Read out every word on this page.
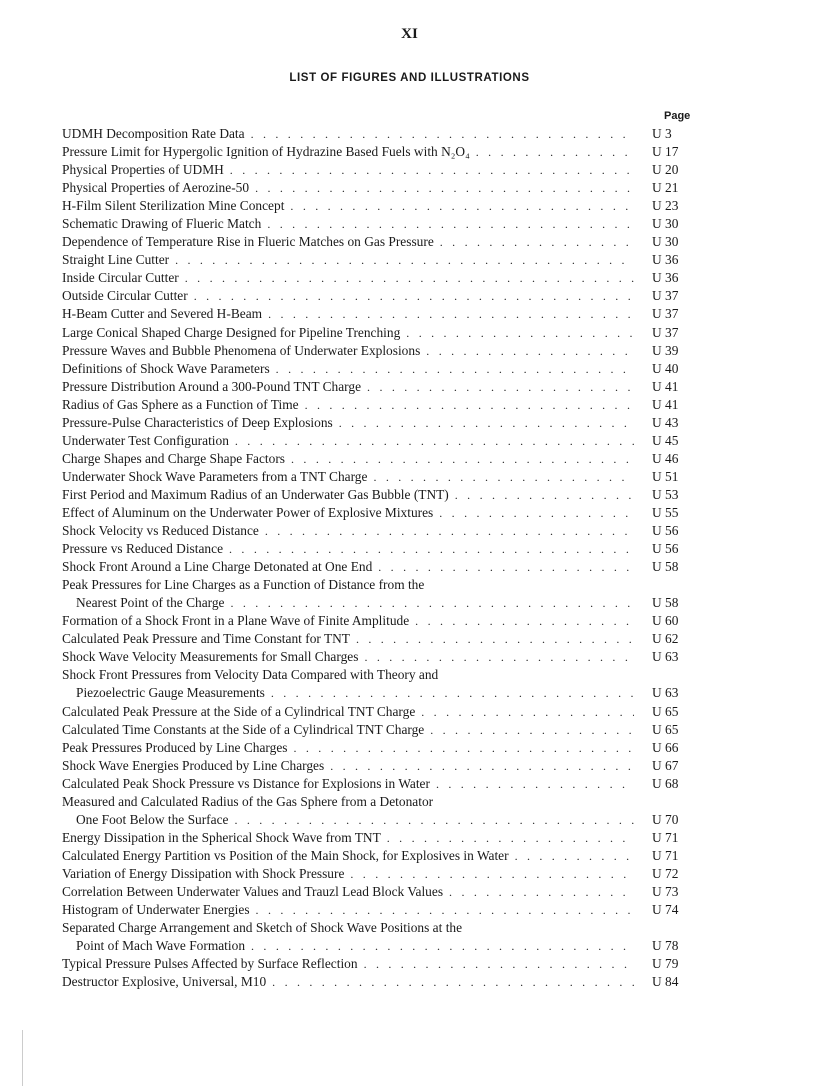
XI
LIST OF FIGURES AND ILLUSTRATIONS
Page
UDMH Decomposition Rate Data . . .	U 3
Pressure Limit for Hypergolic Ignition of Hydrazine Based Fuels with N₂O₄ . . .	U 17
Physical Properties of UDMH . . .	U 20
Physical Properties of Aerozine-50 . . .	U 21
H-Film Silent Sterilization Mine Concept . . .	U 23
Schematic Drawing of Flueric Match . . .	U 30
Dependence of Temperature Rise in Flueric Matches on Gas Pressure . . .	U 30
Straight Line Cutter . . .	U 36
Inside Circular Cutter . . .	U 36
Outside Circular Cutter . . .	U 37
H-Beam Cutter and Severed H-Beam . . .	U 37
Large Conical Shaped Charge Designed for Pipeline Trenching . . .	U 37
Pressure Waves and Bubble Phenomena of Underwater Explosions . . .	U 39
Definitions of Shock Wave Parameters . . .	U 40
Pressure Distribution Around a 300-Pound TNT Charge . . .	U 41
Radius of Gas Sphere as a Function of Time . . .	U 41
Pressure-Pulse Characteristics of Deep Explosions . . .	U 43
Underwater Test Configuration . . .	U 45
Charge Shapes and Charge Shape Factors . . .	U 46
Underwater Shock Wave Parameters from a TNT Charge . . .	U 51
First Period and Maximum Radius of an Underwater Gas Bubble (TNT) . . .	U 53
Effect of Aluminum on the Underwater Power of Explosive Mixtures . . .	U 55
Shock Velocity vs Reduced Distance . . .	U 56
Pressure vs Reduced Distance . . .	U 56
Shock Front Around a Line Charge Detonated at One End . . .	U 58
Peak Pressures for Line Charges as a Function of Distance from the
Nearest Point of the Charge . . .	U 58
Formation of a Shock Front in a Plane Wave of Finite Amplitude . . .	U 60
Calculated Peak Pressure and Time Constant for TNT . . .	U 62
Shock Wave Velocity Measurements for Small Charges . . .	U 63
Shock Front Pressures from Velocity Data Compared with Theory and
Piezoelectric Gauge Measurements . . .	U 63
Calculated Peak Pressure at the Side of a Cylindrical TNT Charge . . .	U 65
Calculated Time Constants at the Side of a Cylindrical TNT Charge . . .	U 65
Peak Pressures Produced by Line Charges . . .	U 66
Shock Wave Energies Produced by Line Charges . . .	U 67
Calculated Peak Shock Pressure vs Distance for Explosions in Water . . .	U 68
Measured and Calculated Radius of the Gas Sphere from a Detonator
One Foot Below the Surface . . .	U 70
Energy Dissipation in the Spherical Shock Wave from TNT . . .	U 71
Calculated Energy Partition vs Position of the Main Shock, for Explosives in Water . . .	U 71
Variation of Energy Dissipation with Shock Pressure . . .	U 72
Correlation Between Underwater Values and Trauzl Lead Block Values . . .	U 73
Histogram of Underwater Energies . . .	U 74
Separated Charge Arrangement and Sketch of Shock Wave Positions at the
Point of Mach Wave Formation . . .	U 78
Typical Pressure Pulses Affected by Surface Reflection . . .	U 79
Destructor Explosive, Universal, M10 . . .	U 84
